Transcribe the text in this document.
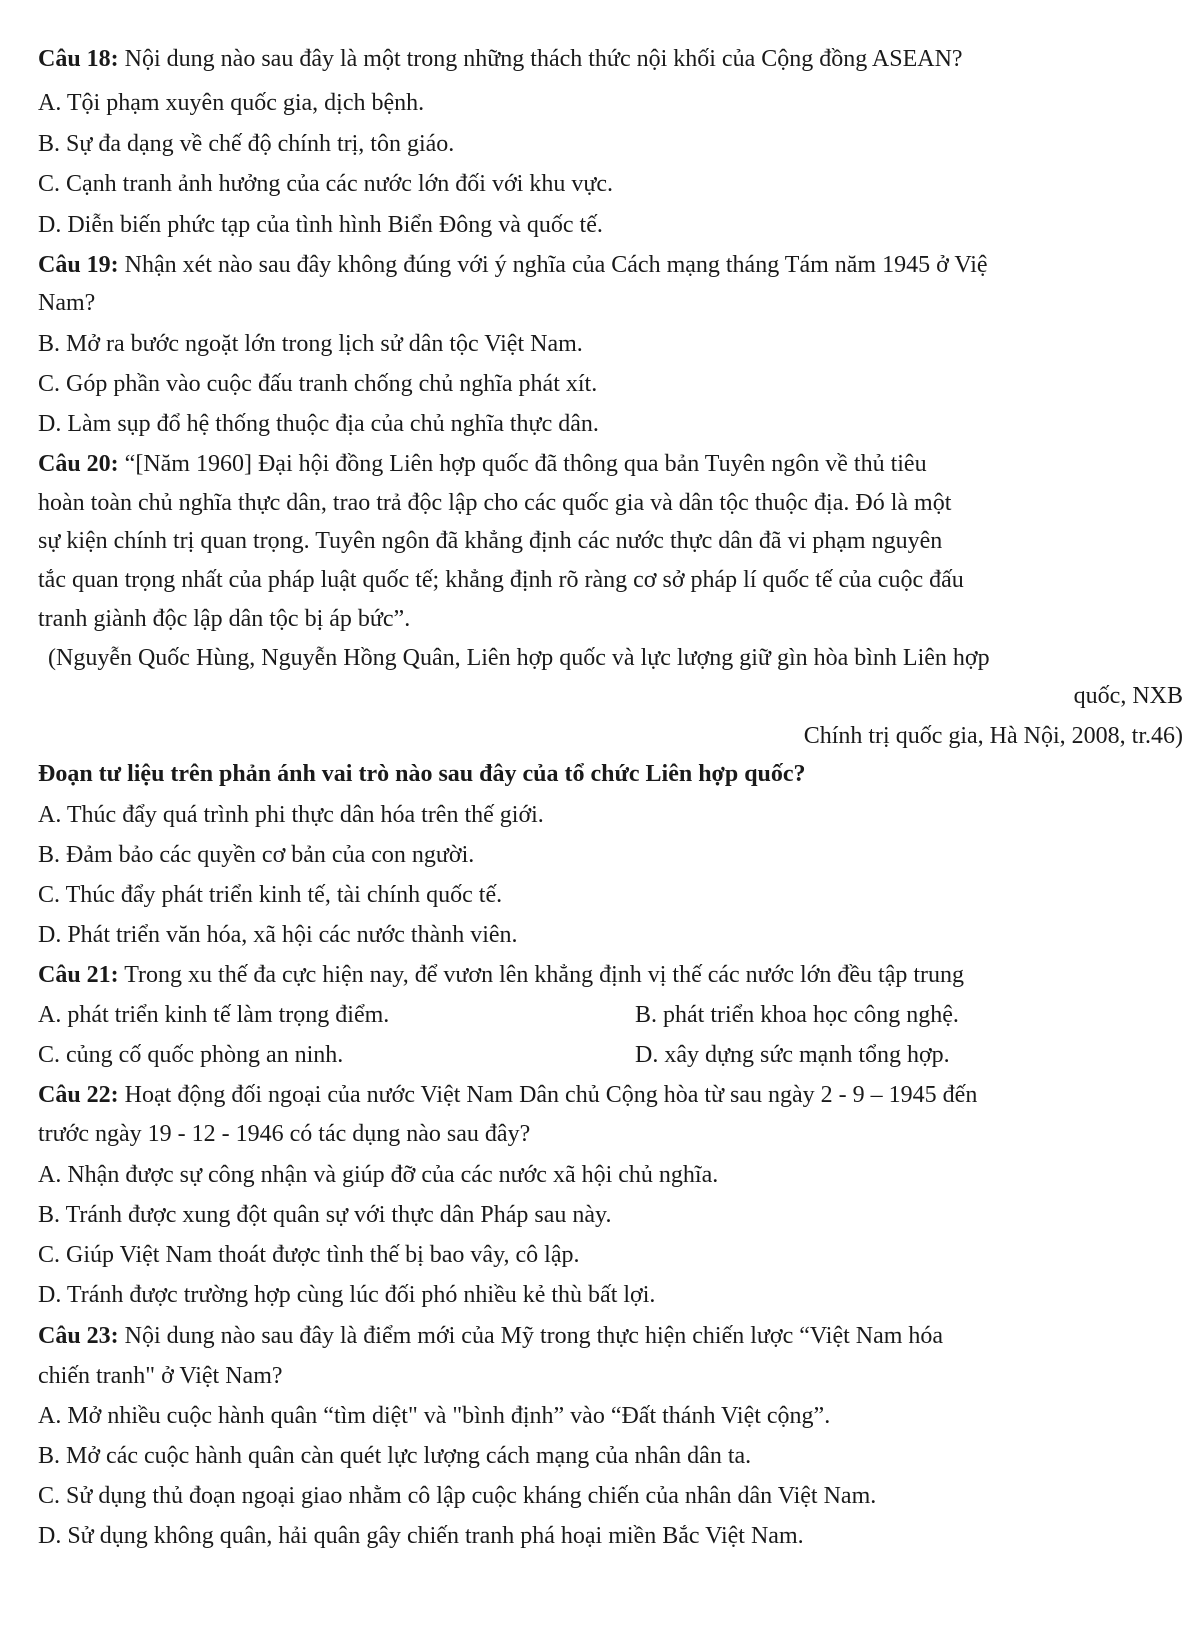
Câu 18: Nội dung nào sau đây là một trong những thách thức nội khối của Cộng đồng ASEAN?
A. Tội phạm xuyên quốc gia, dịch bệnh.
B. Sự đa dạng về chế độ chính trị, tôn giáo.
C. Cạnh tranh ảnh hưởng của các nước lớn đối với khu vực.
D. Diễn biến phức tạp của tình hình Biển Đông và quốc tế.
Câu 19: Nhận xét nào sau đây không đúng với ý nghĩa của Cách mạng tháng Tám năm 1945 ở Việ
Nam?
B. Mở ra bước ngoặt lớn trong lịch sử dân tộc Việt Nam.
C. Góp phần vào cuộc đấu tranh chống chủ nghĩa phát xít.
D. Làm sụp đổ hệ thống thuộc địa của chủ nghĩa thực dân.
Câu 20: “[Năm 1960] Đại hội đồng Liên hợp quốc đã thông qua bản Tuyên ngôn về thủ tiêu
hoàn toàn chủ nghĩa thực dân, trao trả độc lập cho các quốc gia và dân tộc thuộc địa. Đó là một
sự kiện chính trị quan trọng. Tuyên ngôn đã khẳng định các nước thực dân đã vi phạm nguyên
tắc quan trọng nhất của pháp luật quốc tế; khẳng định rõ ràng cơ sở pháp lí quốc tế của cuộc đấu
tranh giành độc lập dân tộc bị áp bức”.
(Nguyễn Quốc Hùng, Nguyễn Hồng Quân, Liên hợp quốc và lực lượng giữ gìn hòa bình Liên hợp
quốc, NXB
Chính trị quốc gia, Hà Nội, 2008, tr.46)
Đoạn tư liệu trên phản ánh vai trò nào sau đây của tổ chức Liên hợp quốc?
A. Thúc đẩy quá trình phi thực dân hóa trên thế giới.
B. Đảm bảo các quyền cơ bản của con người.
C. Thúc đẩy phát triển kinh tế, tài chính quốc tế.
D. Phát triển văn hóa, xã hội các nước thành viên.
Câu 21: Trong xu thế đa cực hiện nay, để vươn lên khẳng định vị thế các nước lớn đều tập trung
A. phát triển kinh tế làm trọng điểm.	B. phát triển khoa học công nghệ.
C. củng cố quốc phòng an ninh.	D. xây dựng sức mạnh tổng hợp.
Câu 22: Hoạt động đối ngoại của nước Việt Nam Dân chủ Cộng hòa từ sau ngày 2 - 9 – 1945 đến
trước ngày 19 - 12 - 1946 có tác dụng nào sau đây?
A. Nhận được sự công nhận và giúp đỡ của các nước xã hội chủ nghĩa.
B. Tránh được xung đột quân sự với thực dân Pháp sau này.
C. Giúp Việt Nam thoát được tình thế bị bao vây, cô lập.
D. Tránh được trường hợp cùng lúc đối phó nhiều kẻ thù bất lợi.
Câu 23: Nội dung nào sau đây là điểm mới của Mỹ trong thực hiện chiến lược “Việt Nam hóa
chiến tranh" ở Việt Nam?
A. Mở nhiều cuộc hành quân “tìm diệt" và "bình định” vào “Đất thánh Việt cộng”.
B. Mở các cuộc hành quân càn quét lực lượng cách mạng của nhân dân ta.
C. Sử dụng thủ đoạn ngoại giao nhằm cô lập cuộc kháng chiến của nhân dân Việt Nam.
D. Sử dụng không quân, hải quân gây chiến tranh phá hoại miền Bắc Việt Nam.
